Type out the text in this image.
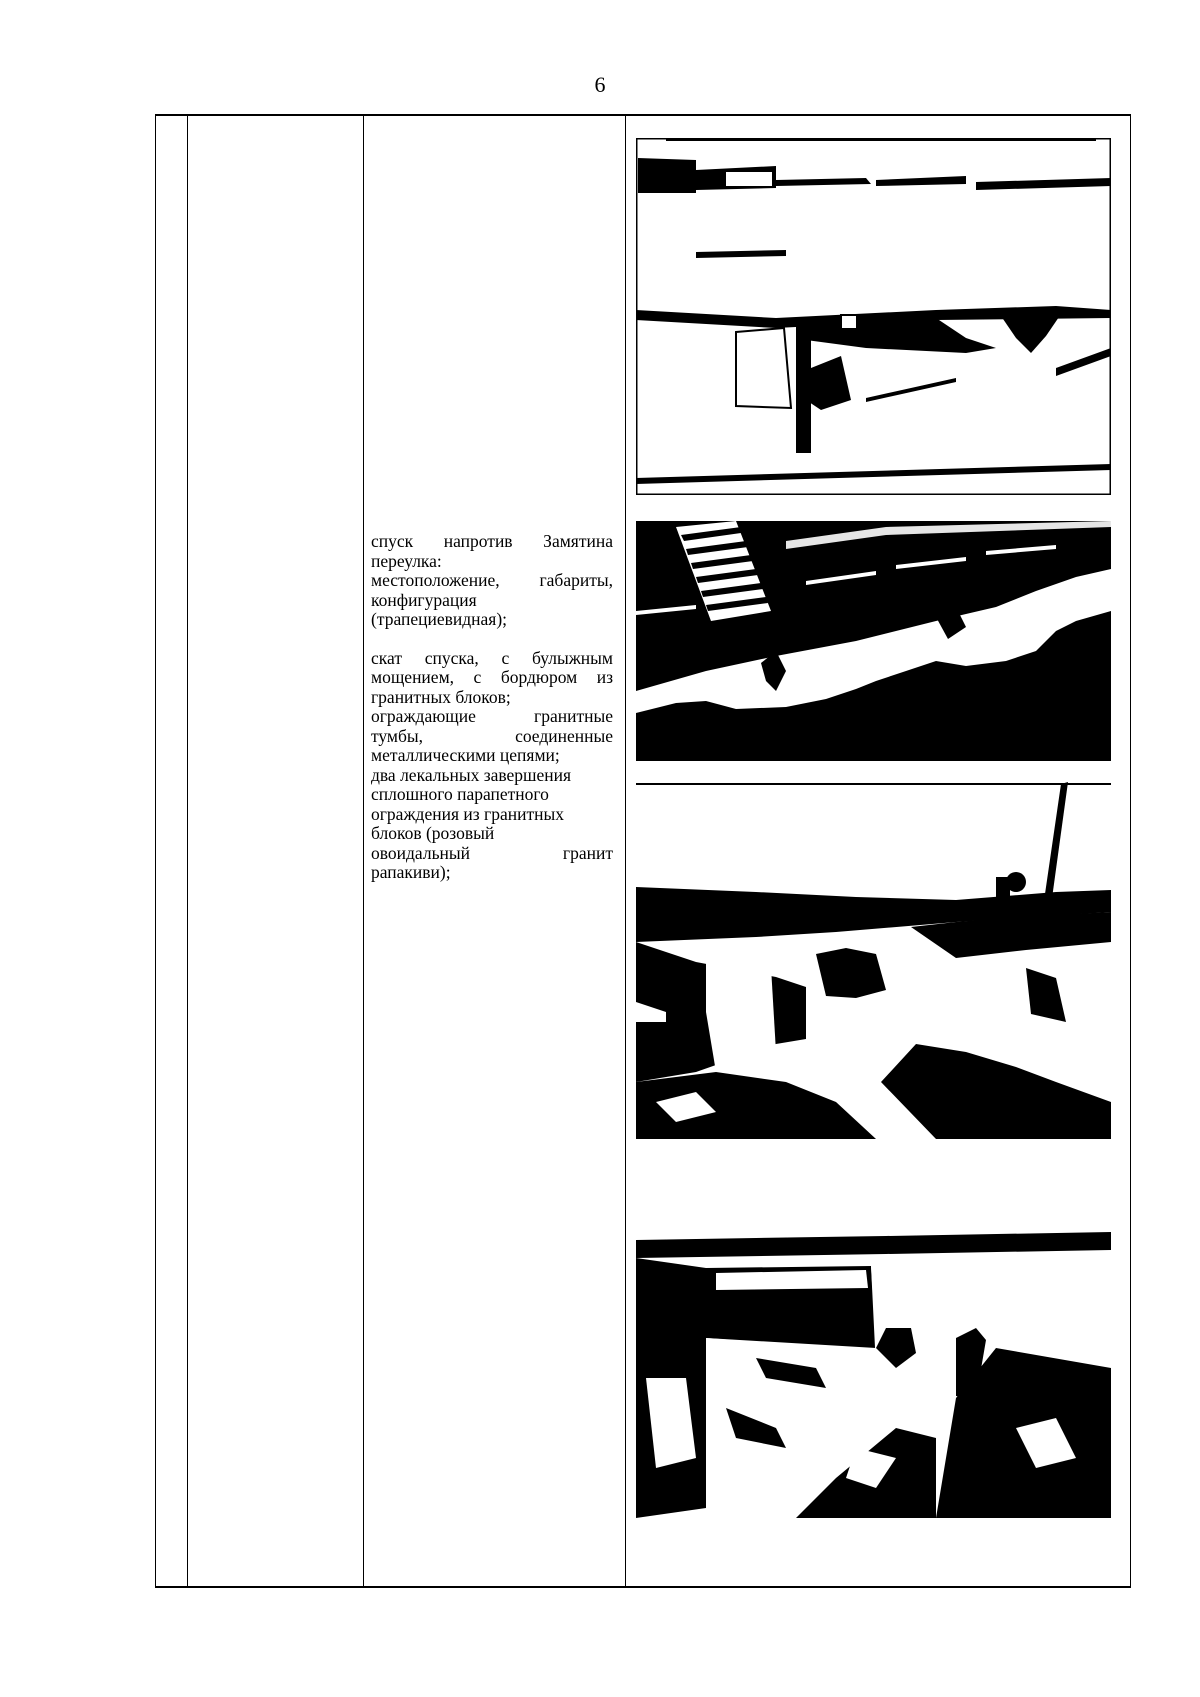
6

спуск напротив Замятина
переулка:
местоположение, габариты,
конфигурация
(трапециевидная);

скат спуска, с булыжным
мощением, с бордюром из
гранитных блоков;
ограждающие гранитные
тумбы, соединенные
металлическими цепями;
два лекальных завершения
сплошного парапетного
ограждения из гранитных
блоков (розовый
овоидальный гранит
рапакиви);
